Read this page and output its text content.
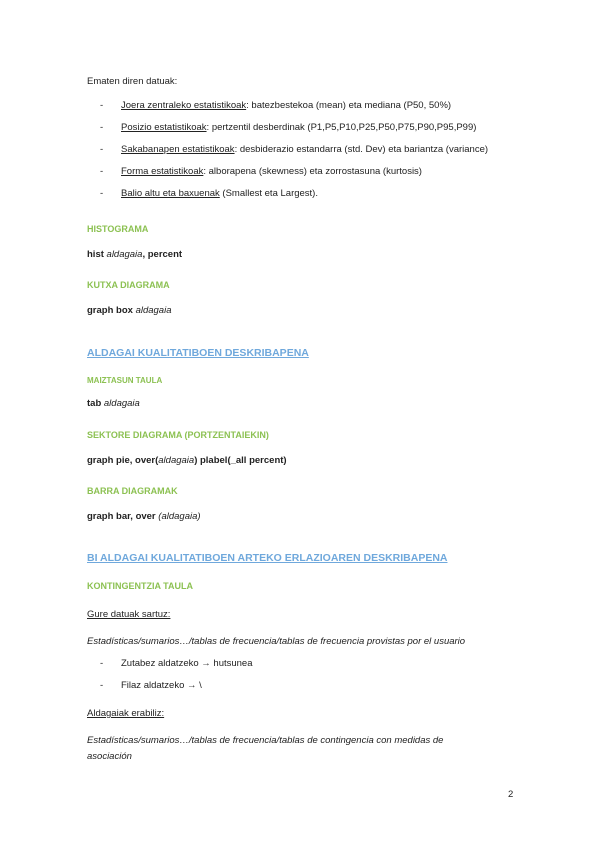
Ematen diren datuak:
- Joera zentraleko estatistikoak: batezbestekoa (mean) eta mediana (P50, 50%)
- Posizio estatistikoak: pertzentil desberdinak (P1,P5,P10,P25,P50,P75,P90,P95,P99)
- Sakabanapen estatistikoak: desbiderazio estandarra (std. Dev) eta bariantza (variance)
- Forma estatistikoak: alborapena (skewness) eta zorrostasuna (kurtosis)
- Balio altu eta baxuenak (Smallest eta Largest).
HISTOGRAMA
hist aldagaia, percent
KUTXA DIAGRAMA
graph box aldagaia
ALDAGAI KUALITATIBOEN DESKRIBAPENA
MAIZTASUN TAULA
tab aldagaia
SEKTORE DIAGRAMA (PORTZENTAIEKIN)
graph pie, over(aldagaia) plabel(_all percent)
BARRA DIAGRAMAK
graph bar, over (aldagaia)
BI ALDAGAI KUALITATIBOEN ARTEKO ERLAZIOAREN DESKRIBAPENA
KONTINGENTZIA TAULA
Gure datuak sartuz:
Estadísticas/sumarios…/tablas de frecuencia/tablas de frecuencia provistas por el usuario
- Zutabez aldatzeko → hutsunea
- Filaz aldatzeko → \
Aldagaiak erabiliz:
Estadísticas/sumarios…/tablas de frecuencia/tablas de contingencia con medidas de
asociación
2
